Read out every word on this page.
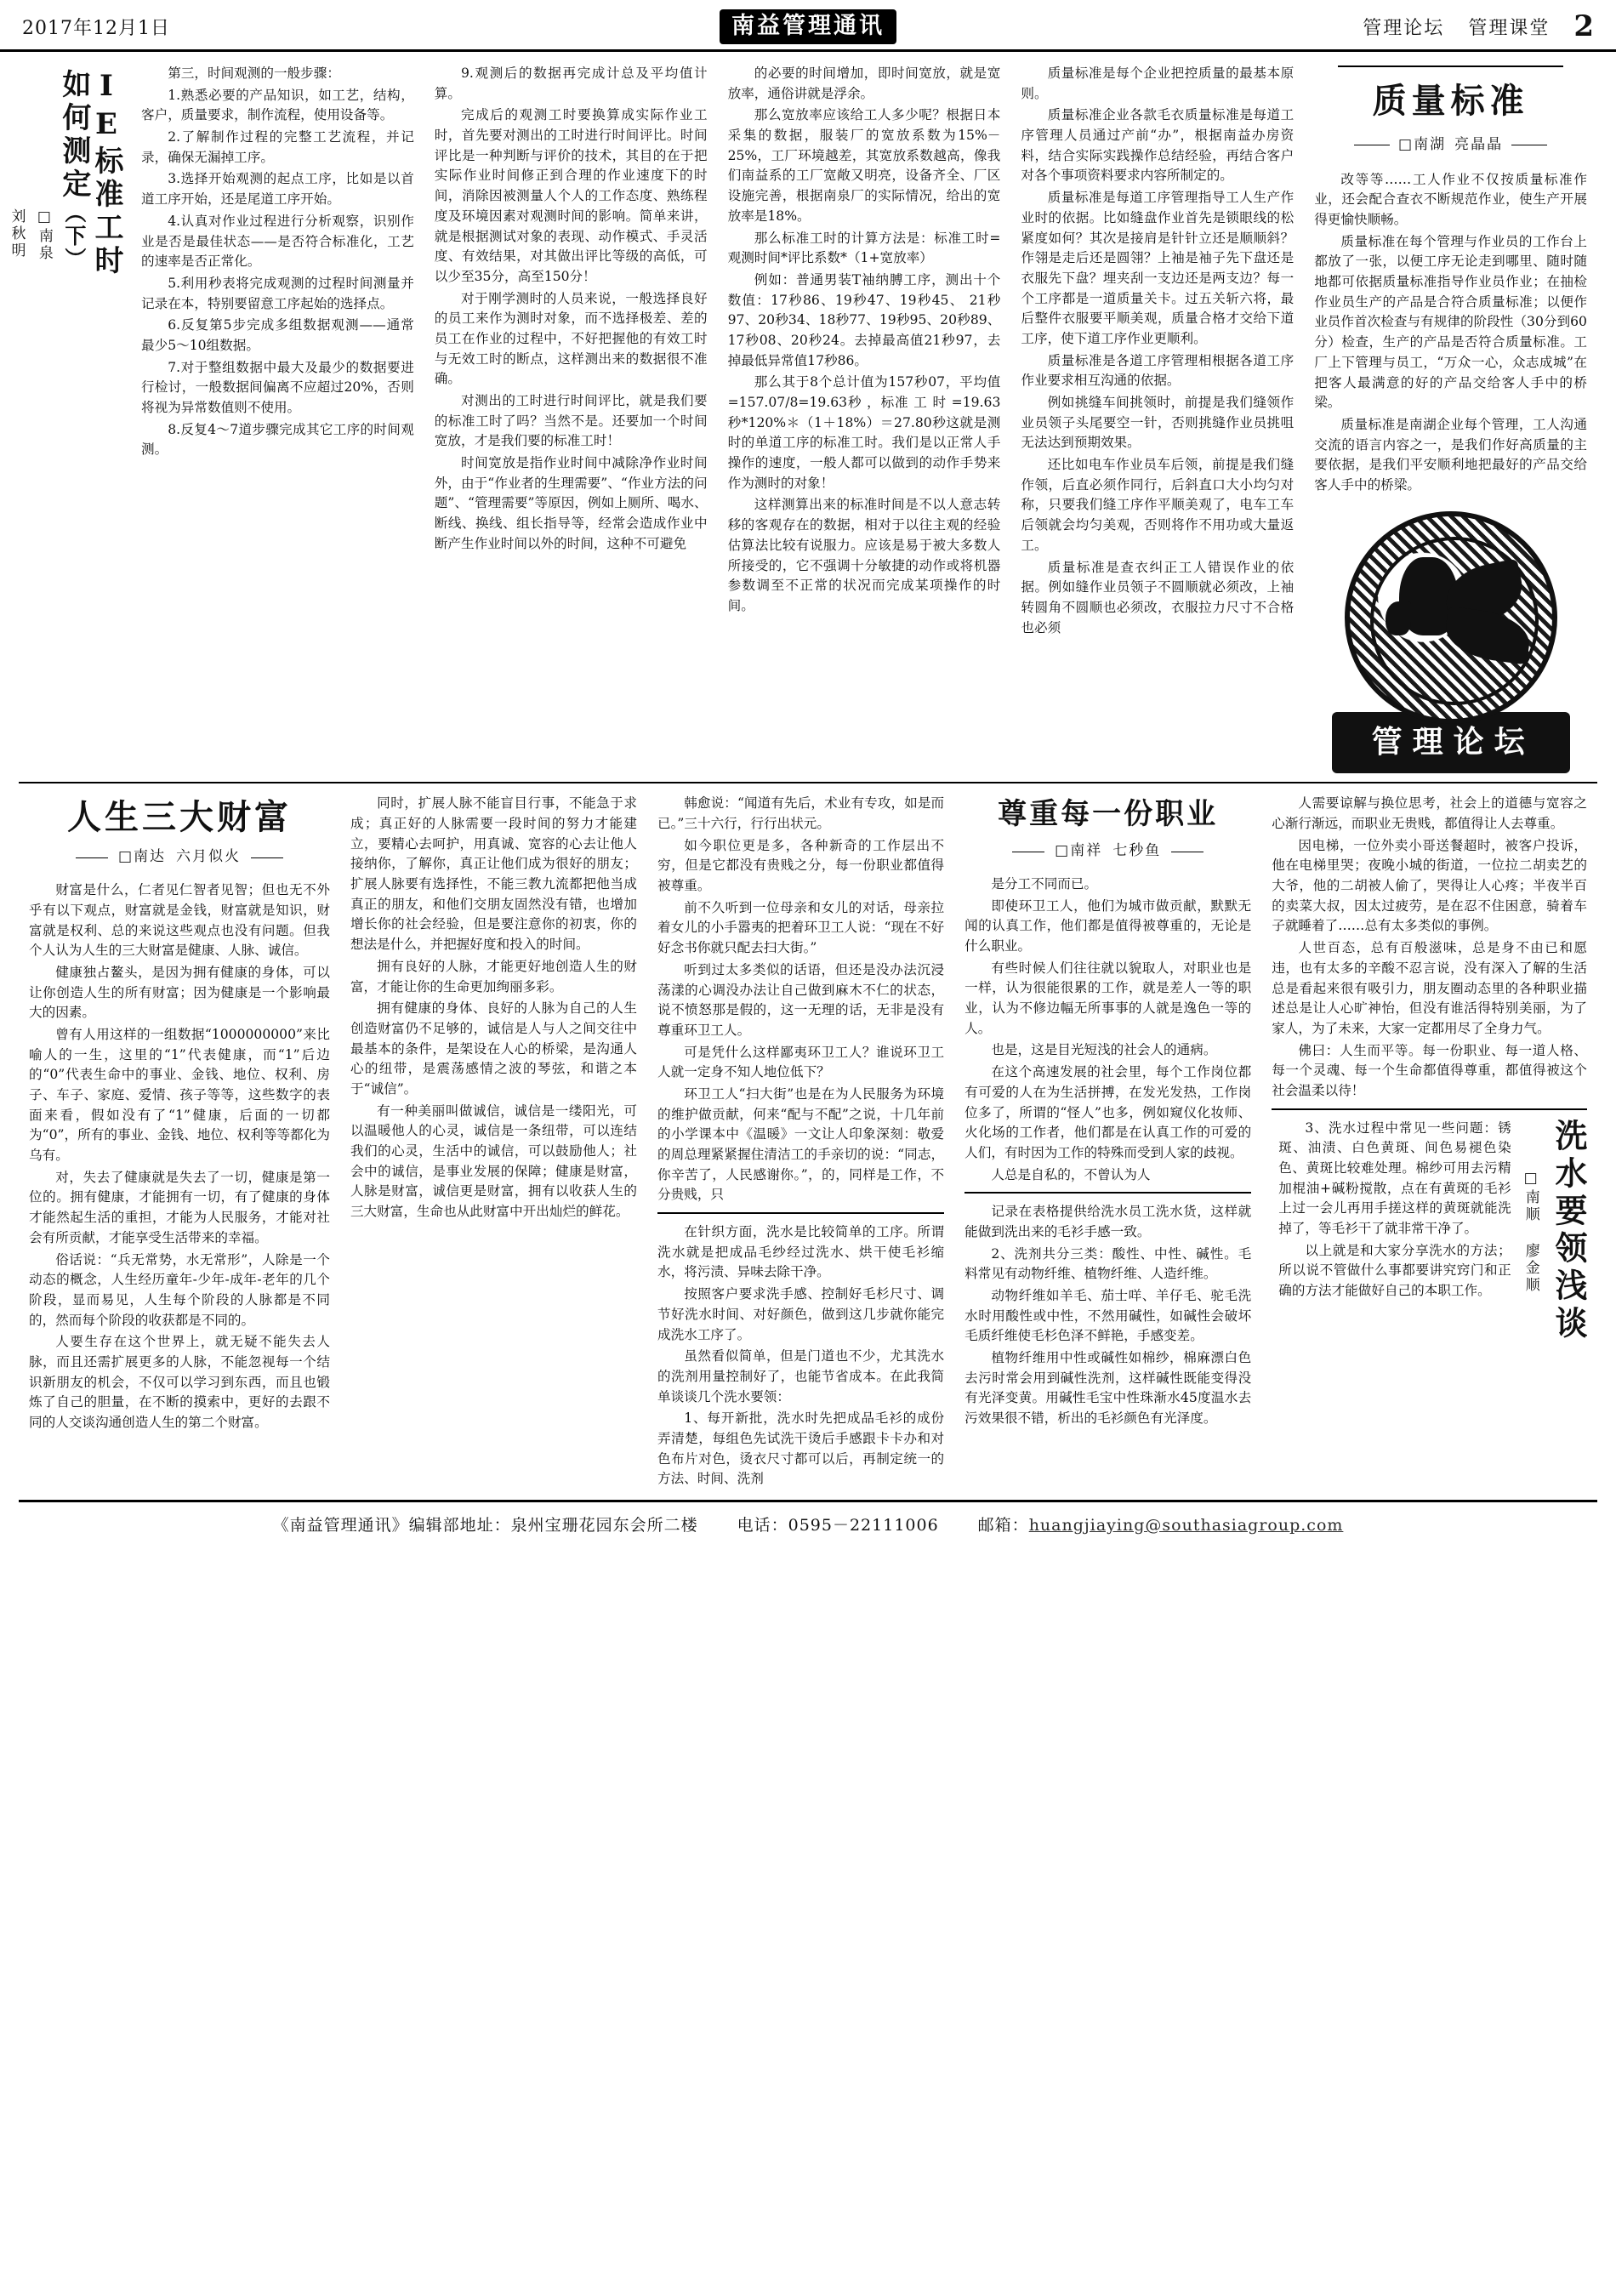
2017年12月1日	南益管理通讯	管理论坛 管理课堂 2
IE标准工时
如何测定（下）
□南泉
刘秋明

第三，时间观测的一般步骤：

1.熟悉必要的产品知识，如工艺，结构，客户，质量要求，制作流程，使用设备等。

2.了解制作过程的完整工艺流程，并记录，确保无漏掉工序。

3.选择开始观测的起点工序，比如是以首道工序开始，还是尾道工序开始。

4.认真对作业过程进行分析观察，识别作业是否是最佳状态——是否符合标准化，工艺的速率是否正常化。

5.利用秒表将完成观测的过程时间测量并记录在本，特别要留意工序起始的选择点。

6.反复第5步完成多组数据观测——通常最少5～10组数据。

7.对于整组数据中最大及最少的数据要进行检讨，一般数据间偏离不应超过20%，否则将视为异常数值则不使用。

8.反复4～7道步骤完成其它工序的时间观测。

9.观测后的数据再完成计总及平均值计算。

完成后的观测工时要换算成实际作业工时，首先要对测出的工时进行时间评比。时间评比是一种判断与评价的技术，其目的在于把实际作业时间修正到合理的作业速度下的时间，消除因被测量人个人的工作态度、熟练程度及环境因素对观测时间的影响。简单来讲，就是根据测试对象的表现、动作模式、手灵活度、有效结果，对其做出评比等级的高低，可以少至35分，高至150分！

对于刚学测时的人员来说，一般选择良好的员工来作为测时对象，而不选择极差、差的员工在作业的过程中，不好把握他的有效工时与无效工时的断点，这样测出来的数据很不准确。

对测出的工时进行时间评比，就是我们要的标准工时了吗？当然不是。还要加一个时间宽放，才是我们要的标准工时！

时间宽放是指作业时间中减除净作业时间外，由于“作业者的生理需要”、“作业方法的问题”、“管理需要”等原因，例如上厕所、喝水、断线、换线、组长指导等，经常会造成作业中断产生作业时间以外的时间，这种不可避免

的必要的时间增加，即时间宽放，就是宽放率，通俗讲就是浮余。

那么宽放率应该给工人多少呢？根据日本采集的数据，服装厂的宽放系数为15%－25%，工厂环境越差，其宽放系数越高，像我们南益系的工厂宽敞又明亮，设备齐全、厂区设施完善，根据南泉厂的实际情况，给出的宽放率是18%。

那么标准工时的计算方法是：标准工时=观测时间*评比系数*（1+宽放率）

例如：普通男装T袖纳膊工序，测出十个数值：17秒86、19秒47、19秒45、 21秒97、20秒34、18秒77、19秒95、20秒89、17秒08、20秒24。去掉最高值21秒97，去掉最低异常值17秒86。

那么其于8个总计值为157秒07，平均值=157.07/8=19.63秒 ，标准 工 时 =19.63 秒*120%＊（1＋18%）＝27.80秒这就是测时的单道工序的标准工时。我们是以正常人手操作的速度，一般人都可以做到的动作手势来作为测时的对象！

这样测算出来的标准时间是不以人意志转移的客观存在的数据，相对于以往主观的经验估算法比较有说服力。应该是易于被大多数人所接受的，它不强调十分敏捷的动作或将机器参数调至不正常的状况而完成某项操作的时间。

质量标准是每个企业把控质量的最基本原则。

质量标准企业各款毛衣质量标准是每道工序管理人员通过产前“办”，根据南益办房资料，结合实际实践操作总结经验，再结合客户对各个事项资料要求内容所制定的。

质量标准是每道工序管理指导工人生产作业时的依据。比如缝盘作业首先是锁眼线的松紧度如何？其次是接肩是针针立还是顺顺斜？作翎是走后还是圆翎？上袖是袖子先下盘还是衣服先下盘？埋夹刮一支边还是两支边？每一个工序都是一道质量关卡。过五关斩六将，最后整件衣服要平顺美观，质量合格才交给下道工序，使下道工序作业更顺利。

质量标准是各道工序管理相根据各道工序作业要求相互沟通的依据。

例如挑缝车间挑领时，前提是我们缝领作业员领子头尾要空一针，否则挑缝作业员挑咀无法达到预期效果。

还比如电车作业员车后领，前提是我们缝作领，后直必须作同行，后斜直口大小均匀对称，只要我们缝工序作平顺美观了，电车工车后领就会均匀美观，否则将作不用功或大量返工。

质量标准是查衣纠正工人错误作业的依据。例如缝作业员领子不圆顺就必须改，上袖转圆角不圆顺也必须改，衣服拉力尺寸不合格也必须

质量标准
□南湖 亮晶晶

改等等……工人作业不仅按质量标准作业，还会配合查衣不断规范作业，使生产开展得更愉快顺畅。

质量标准在每个管理与作业员的工作台上都放了一张，以便工序无论走到哪里、随时随地都可依据质量标准指导作业员作业；在抽检作业员生产的产品是合符合质量标准；以便作业员作首次检查与有规律的阶段性（30分到60分）检查，生产的产品是否符合质量标准。工厂上下管理与员工，“万众一心，众志成城”在把客人最满意的好的产品交给客人手中的桥梁。

质量标准是南湖企业每个管理，工人沟通交流的语言内容之一，是我们作好高质量的主要依据，是我们平安顺利地把最好的产品交给客人手中的桥梁。

管理论坛
人生三大财富
□南达 六月似火

财富是什么，仁者见仁智者见智；但也无不外乎有以下观点，财富就是金钱，财富就是知识，财富就是权利、总的来说这些观点也没有问题。但我个人认为人生的三大财富是健康、人脉、诚信。

健康独占鳌头，是因为拥有健康的身体，可以让你创造人生的所有财富；因为健康是一个影响最大的因素。

曾有人用这样的一组数据“1000000000”来比喻人的一生，这里的“1”代表健康，而“1”后边的“0”代表生命中的事业、金钱、地位、权利、房子、车子、家庭、爱情、孩子等等，这些数字的表面来看，假如没有了“1”健康，后面的一切都为“0”，所有的事业、金钱、地位、权利等等都化为乌有。

对，失去了健康就是失去了一切，健康是第一位的。拥有健康，才能拥有一切，有了健康的身体才能然起生活的重担，才能为人民服务，才能对社会有所贡献，才能享受生活带来的幸福。

俗话说：“兵无常势，水无常形”，人除是一个动态的概念，人生经历童年-少年-成年-老年的几个阶段，显而易见，人生每个阶段的人脉都是不同的，然而每个阶段的收获都是不同的。

人要生存在这个世界上，就无疑不能失去人脉，而且还需扩展更多的人脉，不能忽视每一个结识新朋友的机会，不仅可以学习到东西，而且也锻炼了自己的胆量，在不断的摸索中，更好的去跟不同的人交谈沟通创造人生的第二个财富。

同时，扩展人脉不能盲目行事，不能急于求成；真正好的人脉需要一段时间的努力才能建立，要精心去呵护，用真诚、宽容的心去让他人接纳你，了解你，真正让他们成为很好的朋友；扩展人脉要有选择性，不能三教九流都把他当成真正的朋友，和他们交朋友固然没有错，也增加增长你的社会经验，但是要注意你的初衷，你的想法是什么，并把握好度和投入的时间。

拥有良好的人脉，才能更好地创造人生的财富，才能让你的生命更加绚丽多彩。

拥有健康的身体、良好的人脉为自己的人生创造财富仍不足够的，诚信是人与人之间交往中最基本的条件，是架设在人心的桥梁，是沟通人心的纽带，是震荡感情之波的琴弦，和谐之本于“诚信”。

有一种美丽叫做诚信，诚信是一缕阳光，可以温暖他人的心灵，诚信是一条纽带，可以连结我们的心灵，生活中的诚信，可以鼓励他人；社会中的诚信，是事业发展的保障；健康是财富，人脉是财富，诚信更是财富，拥有以收获人生的三大财富，生命也从此财富中开出灿烂的鲜花。

韩愈说：“闻道有先后，术业有专攻，如是而已。”三十六行，行行出状元。

如今职位更是多，各种新奇的工作层出不穷，但是它都没有贵贱之分，每一份职业都值得被尊重。

前不久听到一位母亲和女儿的对话，母亲拉着女儿的小手嚣夷的把着环卫工人说：“现在不好好念书你就只配去扫大街。”

听到过太多类似的话语，但还是没办法沉浸荡漾的心调没办法让自己做到麻木不仁的状态，说不愤怒那是假的，这一无理的话，无非是没有尊重环卫工人。

可是凭什么这样鄙夷环卫工人？谁说环卫工人就一定身不知人地位低下？

环卫工人“扫大街”也是在为人民服务为环境的维护做贡献，何来“配与不配”之说，十几年前的小学课本中《温暖》一文让人印象深刻：敬爱的周总理紧紧握住清洁工的手亲切的说：“同志，你辛苦了，人民感谢你。”，的，同样是工作，不分贵贱，只

在针织方面，洗水是比较简单的工序。所谓洗水就是把成品毛纱经过洗水、烘干使毛衫缩水，将污渍、异味去除干净。

按照客户要求洗手感、控制好毛杉尺寸、调节好洗水时间、对好颜色，做到这几步就你能完成洗水工序了。

虽然看似简单，但是门道也不少，尤其洗水的洗剂用量控制好了，也能节省成本。在此我简单谈谈几个洗水要领：

1、每开新批，洗水时先把成品毛衫的成份弄清楚，每组色先试洗干烫后手感跟卡卡办和对色布片对色，烫衣尺寸都可以后，再制定统一的方法、时间、洗剂

尊重每一份职业
□南祥 七秒鱼

是分工不同而已。

即使环卫工人，他们为城市做贡献，默默无闻的认真工作，他们都是值得被尊重的，无论是什么职业。

有些时候人们往往就以貌取人，对职业也是一样，认为很能很累的工作，就是差人一等的职业，认为不修边幅无所事事的人就是逸色一等的人。

也是，这是目光短浅的社会人的通病。

在这个高速发展的社会里，每个工作岗位都有可爱的人在为生活拼搏，在发光发热，工作岗位多了，所谓的“怪人”也多，例如窥仪化妆师、火化场的工作者，他们都是在认真工作的可爱的人们，有时因为工作的特殊而受到人家的歧视。

人总是自私的，不曾认为人

记录在表格提供给洗水员工洗水货，这样就能做到洗出来的毛衫手感一致。

2、洗剂共分三类：酸性、中性、碱性。毛料常见有动物纤维、植物纤维、人造纤维。

动物纤维如羊毛、茄士咩、羊仔毛、驼毛洗水时用酸性或中性，不然用碱性，如碱性会破坏毛质纤维使毛杉色泽不鲜艳，手感变差。

植物纤维用中性或碱性如棉纱，棉麻漂白色去污时常会用到碱性洗剂，这样碱性既能变得没有光泽变黄。用碱性毛宝中性珠渐水45度温水去污效果很不错，析出的毛衫颜色有光泽度。

人需要谅解与换位思考，社会上的道德与宽容之心渐行渐远，而职业无贵贱，都值得让人去尊重。

因电梯，一位外卖小哥送餐超时，被客户投诉，他在电梯里哭；夜晚小城的街道，一位拉二胡卖艺的大爷，他的二胡被人偷了，哭得让人心疼；半夜半百的卖菜大叔，因太过疲劳，是在忍不住困意，骑着车子就睡着了……总有太多类似的事例。

人世百态，总有百般滋味，总是身不由已和愿违，也有太多的辛酸不忍言说，没有深入了解的生活总是看起来很有吸引力，朋友圈动态里的各种职业描述总是让人心旷神怡，但没有谁活得特别美丽，为了家人，为了未来，大家一定都用尽了全身力气。

佛曰：人生而平等。每一份职业、每一道人格、每一个灵魂、每一个生命都值得尊重，都值得被这个社会温柔以待！

洗水要领浅谈
□南顺 廖金顺

3、洗水过程中常见一些问题：锈斑、油渍、白色黄斑、间色易褪色染色、黄斑比较难处理。棉纱可用去污精加棍油+碱粉搅散，点在有黄斑的毛衫上过一会儿再用手搓这样的黄斑就能洗掉了，等毛衫干了就非常干净了。

以上就是和大家分享洗水的方法；所以说不管做什么事都要讲究窍门和正确的方法才能做好自己的本职工作。

《南益管理通讯》编辑部地址：泉州宝珊花园东会所二楼 电话：0595－22111006 邮箱：huangjiaying@southasiagroup.com
